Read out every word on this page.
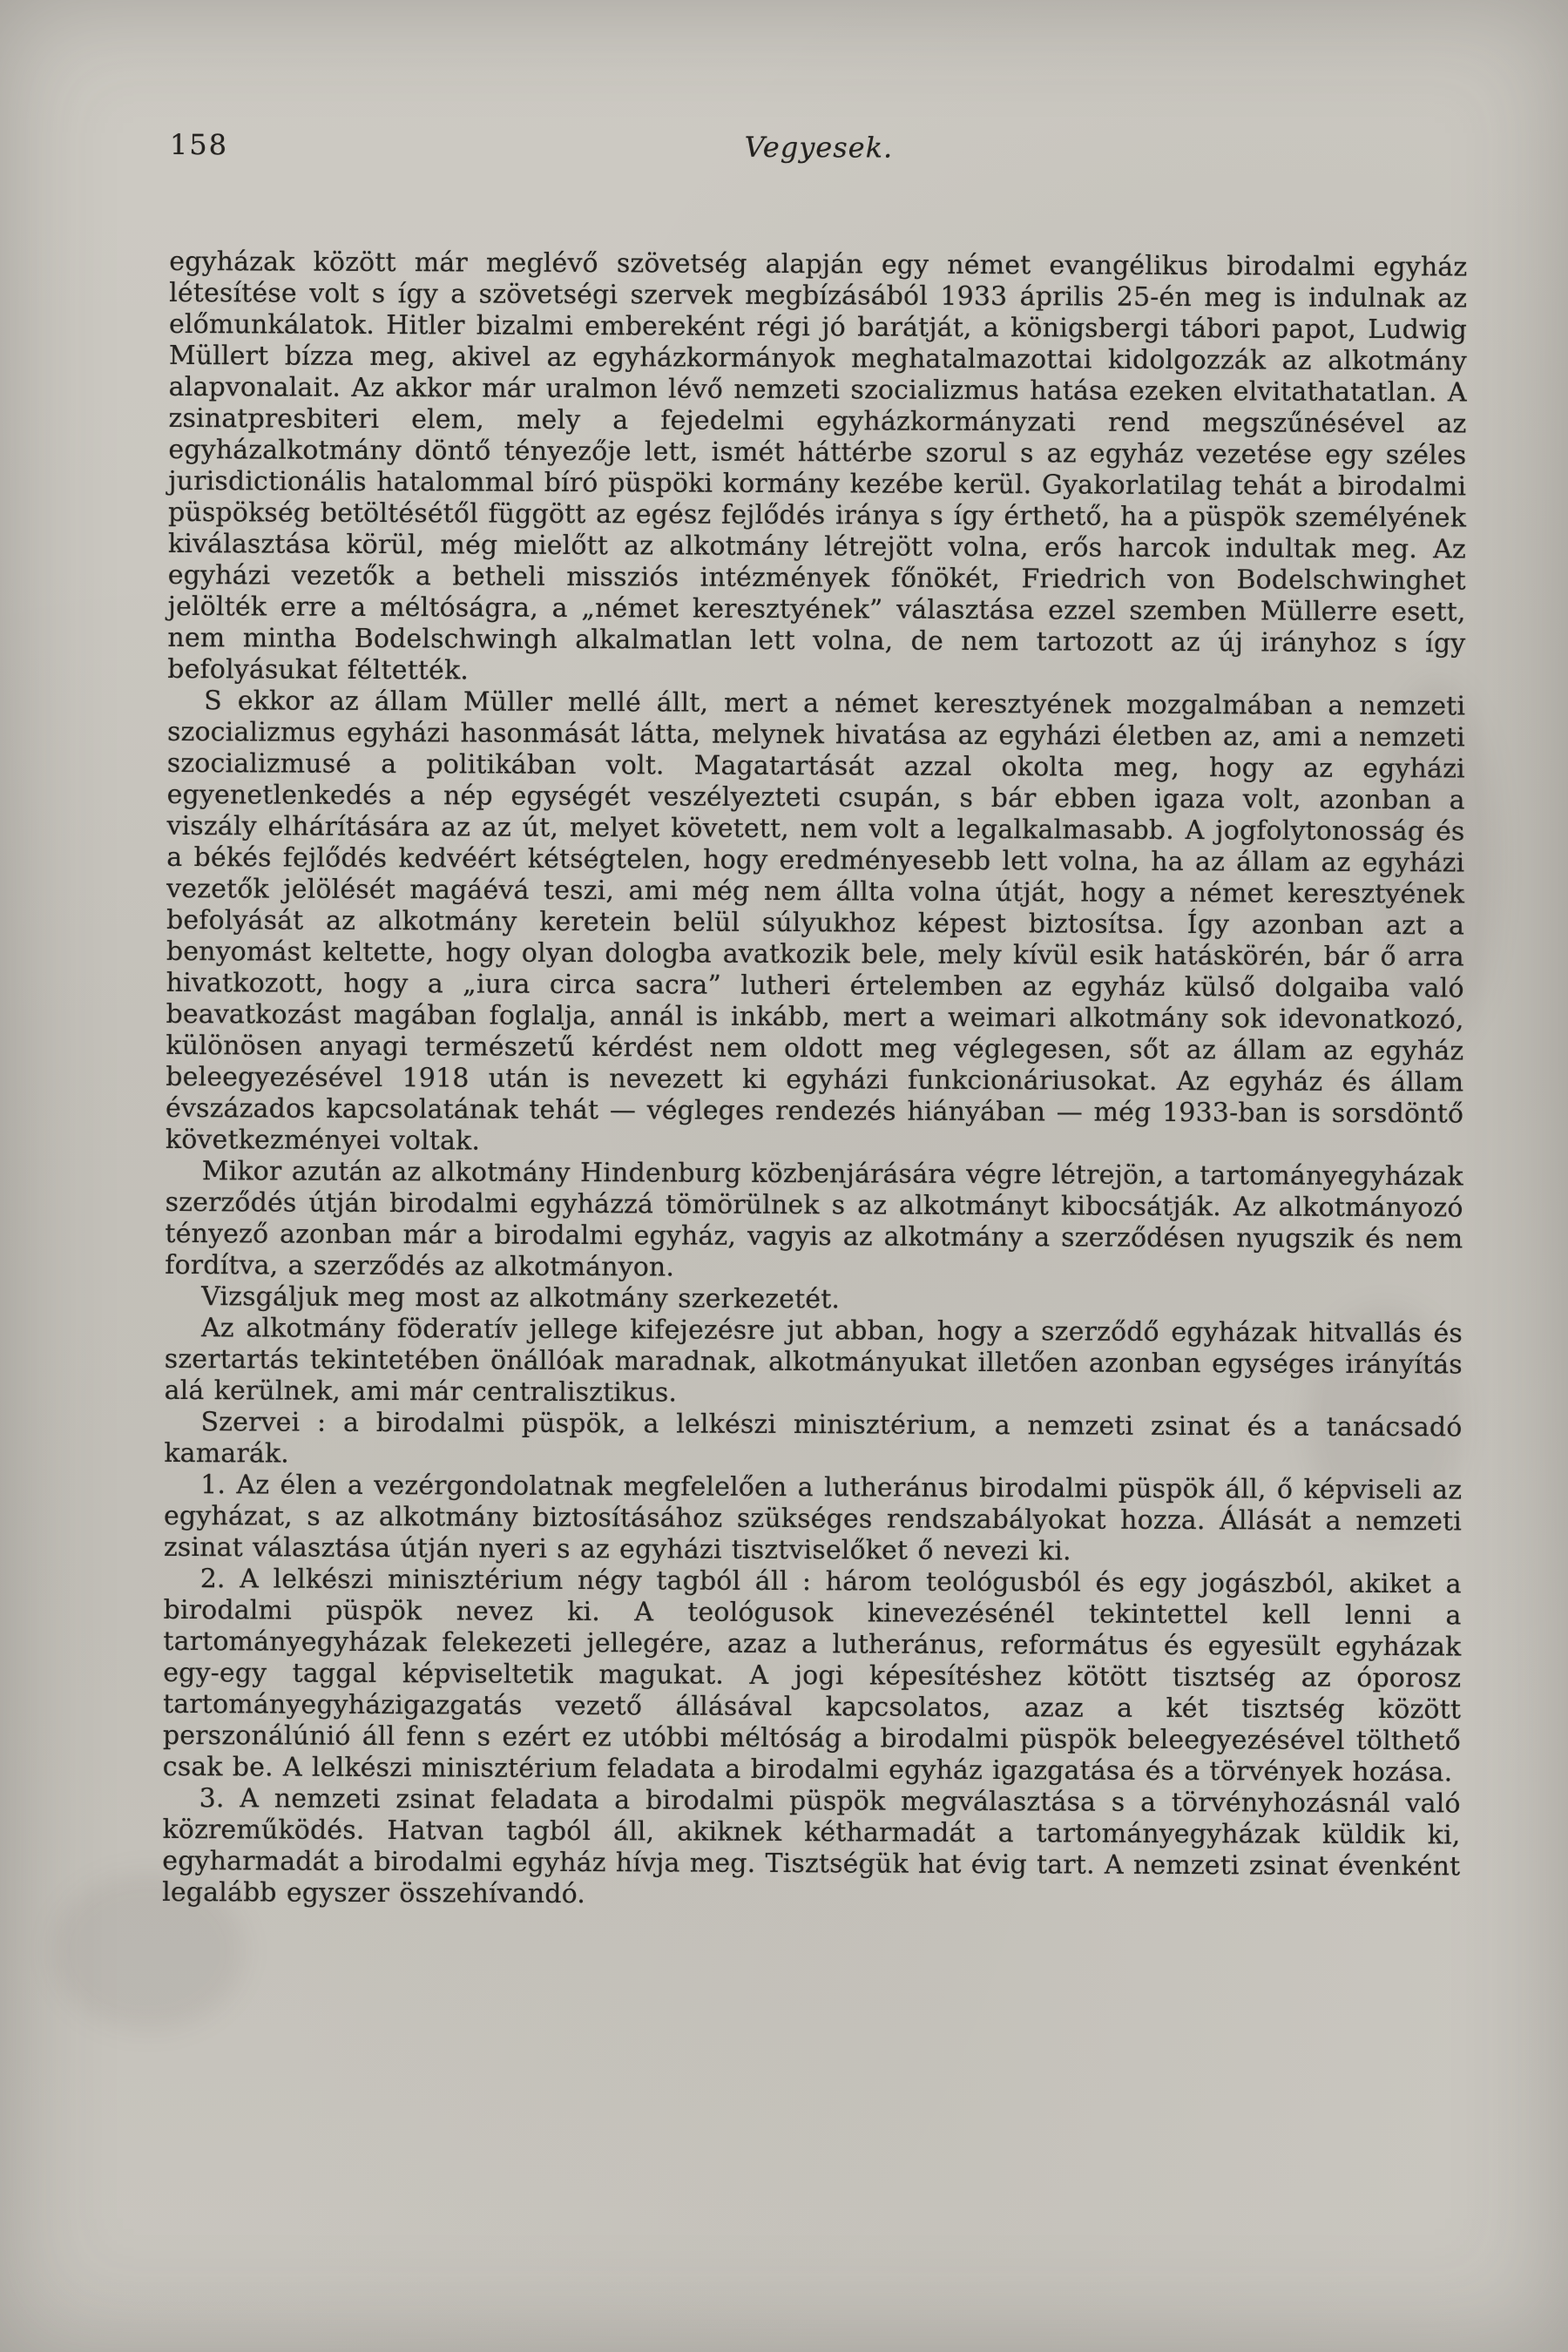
158	Vegyesek.

egyházak között már meglévő szövetség alapján egy német evangélikus birodalmi egyház létesítése volt s így a szövetségi szervek megbízásából 1933 április 25-én meg is indulnak az előmunkálatok. Hitler bizalmi embereként régi jó barátját, a königsbergi tábori papot, Ludwig Müllert bízza meg, akivel az egyházkormányok meghatalmazottai kidolgozzák az alkotmány alapvonalait. Az akkor már uralmon lévő nemzeti szocializmus hatása ezeken elvitathatatlan. A zsinatpresbiteri elem, mely a fejedelmi egyházkormányzati rend megszűnésével az egyházalkotmány döntő tényezője lett, ismét háttérbe szorul s az egyház vezetése egy széles jurisdictionális hatalommal bíró püspöki kormány kezébe kerül. Gyakorlatilag tehát a birodalmi püspökség betöltésétől függött az egész fejlődés iránya s így érthető, ha a püspök személyének kiválasztása körül, még mielőtt az alkotmány létrejött volna, erős harcok indultak meg. Az egyházi vezetők a betheli missziós intézmények főnökét, Friedrich von Bodelschwinghet jelölték erre a méltóságra, a „német keresztyének” választása ezzel szemben Müllerre esett, nem mintha Bodelschwingh alkalmatlan lett volna, de nem tartozott az új irányhoz s így befolyásukat féltették.

S ekkor az állam Müller mellé állt, mert a német keresztyének mozgalmában a nemzeti szocializmus egyházi hasonmását látta, melynek hivatása az egyházi életben az, ami a nemzeti szocializmusé a politikában volt. Magatartását azzal okolta meg, hogy az egyházi egyenetlenkedés a nép egységét veszélyezteti csupán, s bár ebben igaza volt, azonban a viszály elhárítására az az út, melyet követett, nem volt a legalkalmasabb. A jogfolytonosság és a békés fejlődés kedvéért kétségtelen, hogy eredményesebb lett volna, ha az állam az egyházi vezetők jelölését magáévá teszi, ami még nem állta volna útját, hogy a német keresztyének befolyását az alkotmány keretein belül súlyukhoz képest biztosítsa. Így azonban azt a benyomást keltette, hogy olyan dologba avatkozik bele, mely kívül esik hatáskörén, bár ő arra hivatkozott, hogy a „iura circa sacra” lutheri értelemben az egyház külső dolgaiba való beavatkozást magában foglalja, annál is inkább, mert a weimari alkotmány sok idevonatkozó, különösen anyagi természetű kérdést nem oldott meg véglegesen, sőt az állam az egyház beleegyezésével 1918 után is nevezett ki egyházi funkcionáriusokat. Az egyház és állam évszázados kapcsolatának tehát — végleges rendezés hiányában — még 1933-ban is sorsdöntő következményei voltak.

Mikor azután az alkotmány Hindenburg közbenjárására végre létrejön, a tartományegyházak szerződés útján birodalmi egyházzá tömörülnek s az alkotmányt kibocsátják. Az alkotmányozó tényező azonban már a birodalmi egyház, vagyis az alkotmány a szerződésen nyugszik és nem fordítva, a szerződés az alkotmányon.

Vizsgáljuk meg most az alkotmány szerkezetét.

Az alkotmány föderatív jellege kifejezésre jut abban, hogy a szerződő egyházak hitvallás és szertartás tekintetében önállóak maradnak, alkotmányukat illetően azonban egységes irányítás alá kerülnek, ami már centralisztikus.

Szervei : a birodalmi püspök, a lelkészi minisztérium, a nemzeti zsinat és a tanácsadó kamarák.

1. Az élen a vezérgondolatnak megfelelően a lutheránus birodalmi püspök áll, ő képviseli az egyházat, s az alkotmány biztosításához szükséges rendszabályokat hozza. Állását a nemzeti zsinat választása útján nyeri s az egyházi tisztviselőket ő nevezi ki.

2. A lelkészi minisztérium négy tagból áll : három teológusból és egy jogászból, akiket a birodalmi püspök nevez ki. A teológusok kinevezésénél tekintettel kell lenni a tartományegyházak felekezeti jellegére, azaz a lutheránus, református és egyesült egyházak egy-egy taggal képviseltetik magukat. A jogi képesítéshez kötött tisztség az óporosz tartományegyházigazgatás vezető állásával kapcsolatos, azaz a két tisztség között perszonálúnió áll fenn s ezért ez utóbbi méltóság a birodalmi püspök beleegyezésével tölthető csak be. A lelkészi minisztérium feladata a birodalmi egyház igazgatása és a törvények hozása.

3. A nemzeti zsinat feladata a birodalmi püspök megválasztása s a törvényhozásnál való közreműködés. Hatvan tagból áll, akiknek kétharmadát a tartományegyházak küldik ki, egyharmadát a birodalmi egyház hívja meg. Tisztségük hat évig tart. A nemzeti zsinat évenként legalább egyszer összehívandó.
